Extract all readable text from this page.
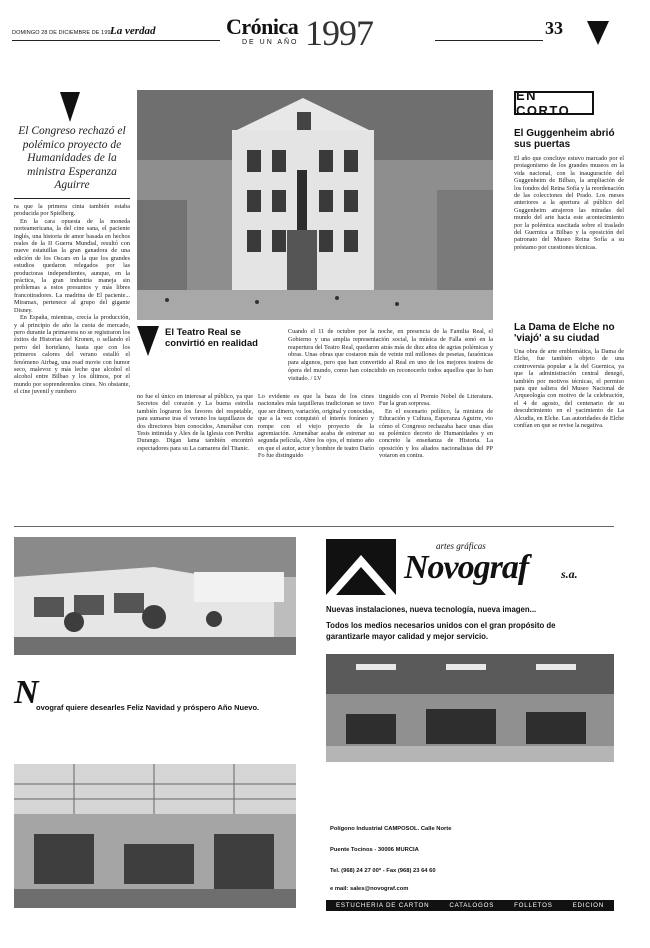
DOMINGO 28 DE DICIEMBRE DE 1997
La verdad	Crónica
DE UN AÑO 1997	33
El Congreso rechazó el polémico proyecto de Humanidades de la ministra Esperanza Aguirre

ra que la primera cinta también estaba producida por Spielberg.

En la cara opuesta de la moneda norteamericana, la del cine sana, el paciente inglés, una historia de amor basada en hechos reales de la II Guerra Mundial, resultó con nueve estatuillas la gran ganadora de una edición de los Oscars en la que los grandes estudios quedaron relegados por las productoras independientes, aunque, en la práctica, la gran industria maneja sin problemas a estos presuntos y más libres francotiradores. La madrina de El paciente... Miramax, pertenece al grupo del gigante Disney.

En España, mientras, crecía la producción, y al principio de año la cuota de mercado, pero durante la primavera no se registraron los éxitos de Historias del Kronen, o sellando el perro del hortelano, hasta que con los primeros calores del verano estalló el fenómeno Airbag, una road movie con humor seco, malevoz y más leche que alcohol el alcohol entre Bilbao y los últimos, por el mundo por soprenderenlos cines. No obstante, el cine juvenil y rumbero

El Teatro Real se convirtió en realidad
Cuando el 11 de octubre por la noche, en presencia de la Familia Real, el Gobierno y una amplia representación social, la música de Falla sonó en la reapertura del Teatro Real, quedaron atrás más de diez años de agrias polémicas y obras. Unas obras que costaron más de veinte mil millones de pesetas, faraónicas para algunos, pero que han convertido al Real en uno de los mejores teatros de ópera del mundo, como han coincidido en reconocerlo todos aquellos que lo han visitado. / LV
no fue el único en interesar al público, ya que Secretos del corazón y La buena estrella también lograron los favores del respetable, para sumarse tras el verano los taquillazos de dos directores bien conocidos, Amenábar con Tesis intimida y Álex de la Iglesia con Perdita Durango. Digan lama también encontró espectadores para su La camarera del Titanic.
Lo evidente es que la baza de los cines nacionales más taquilleras tradicionan se tuvo que ser dinero, variación, original y conocidas, que a la vez conquistó el interés foráneo y rompe con el viejo proyecto de la agremiación. Amenábar acaba de estrenar su segunda película, Abre los ojos, el mismo año en que el autor, actor y hombre de teatro Darío Fo fue distinguido

tinguido con el Premio Nobel de Literatura. Fue la gran sorpresa.

En el escenario político, la ministra de Educación y Cultura, Esperanza Aguirre, vio cómo el Congreso rechazaba hace unas días su polémico decreto de Humanidades y en concreto la enseñanza de Historia. La oposición y los aliados nacionalistas del PP votaron en contra.

EN CORTO
El Guggenheim abrió sus puertas
El año que concluye estuvo marcado por el protagonismo de los grandes museos en la vida nacional, con la inauguración del Guggenheim de Bilbao, la ampliación de los fondos del Reina Sofía y la reordenación de las colecciones del Prado. Los meses anteriores a la apertura al público del Guggenheim atrajeron las miradas del mundo del arte hacia este acontecimiento por la polémica suscitada sobre el traslado del Guernica a Bilbao y la oposición del patronato del Museo Reina Sofía a su préstamo por cuestiones técnicas.
La Dama de Elche no 'viajó' a su ciudad
Una obra de arte emblemática, la Dama de Elche, fue también objeto de una controversia popular a la del Guernica, ya que la administración central denegó, también por motivos técnicas, el permiso para que saliera del Museo Nacional de Arqueología con motivo de la celebración, el 4 de agosto, del centenario de su descubrimiento en el yacimiento de La Alcudia, en Elche. Las autoridades de Elche confían en que se revise la negativa.
N
ovograf quiere desearles Feliz Navidad y próspero Año Nuevo.
artes gráficas
Novograf	s.a.
Nuevas instalaciones, nueva tecnología, nueva imagen...
Todos los medios necesarios unidos con el gran propósito de garantizarle mayor calidad y mejor servicio.
Polígono Industrial CAMPOSOL. Calle Norte
Puente Tocinos - 30006 MURCIA
Tel. (968) 24 27 00* - Fax (968) 23 64 60
e mail: sales@novograf.com
ESTUCHERIA DE CARTON	CATALOGOS	FOLLETOS	EDICION
